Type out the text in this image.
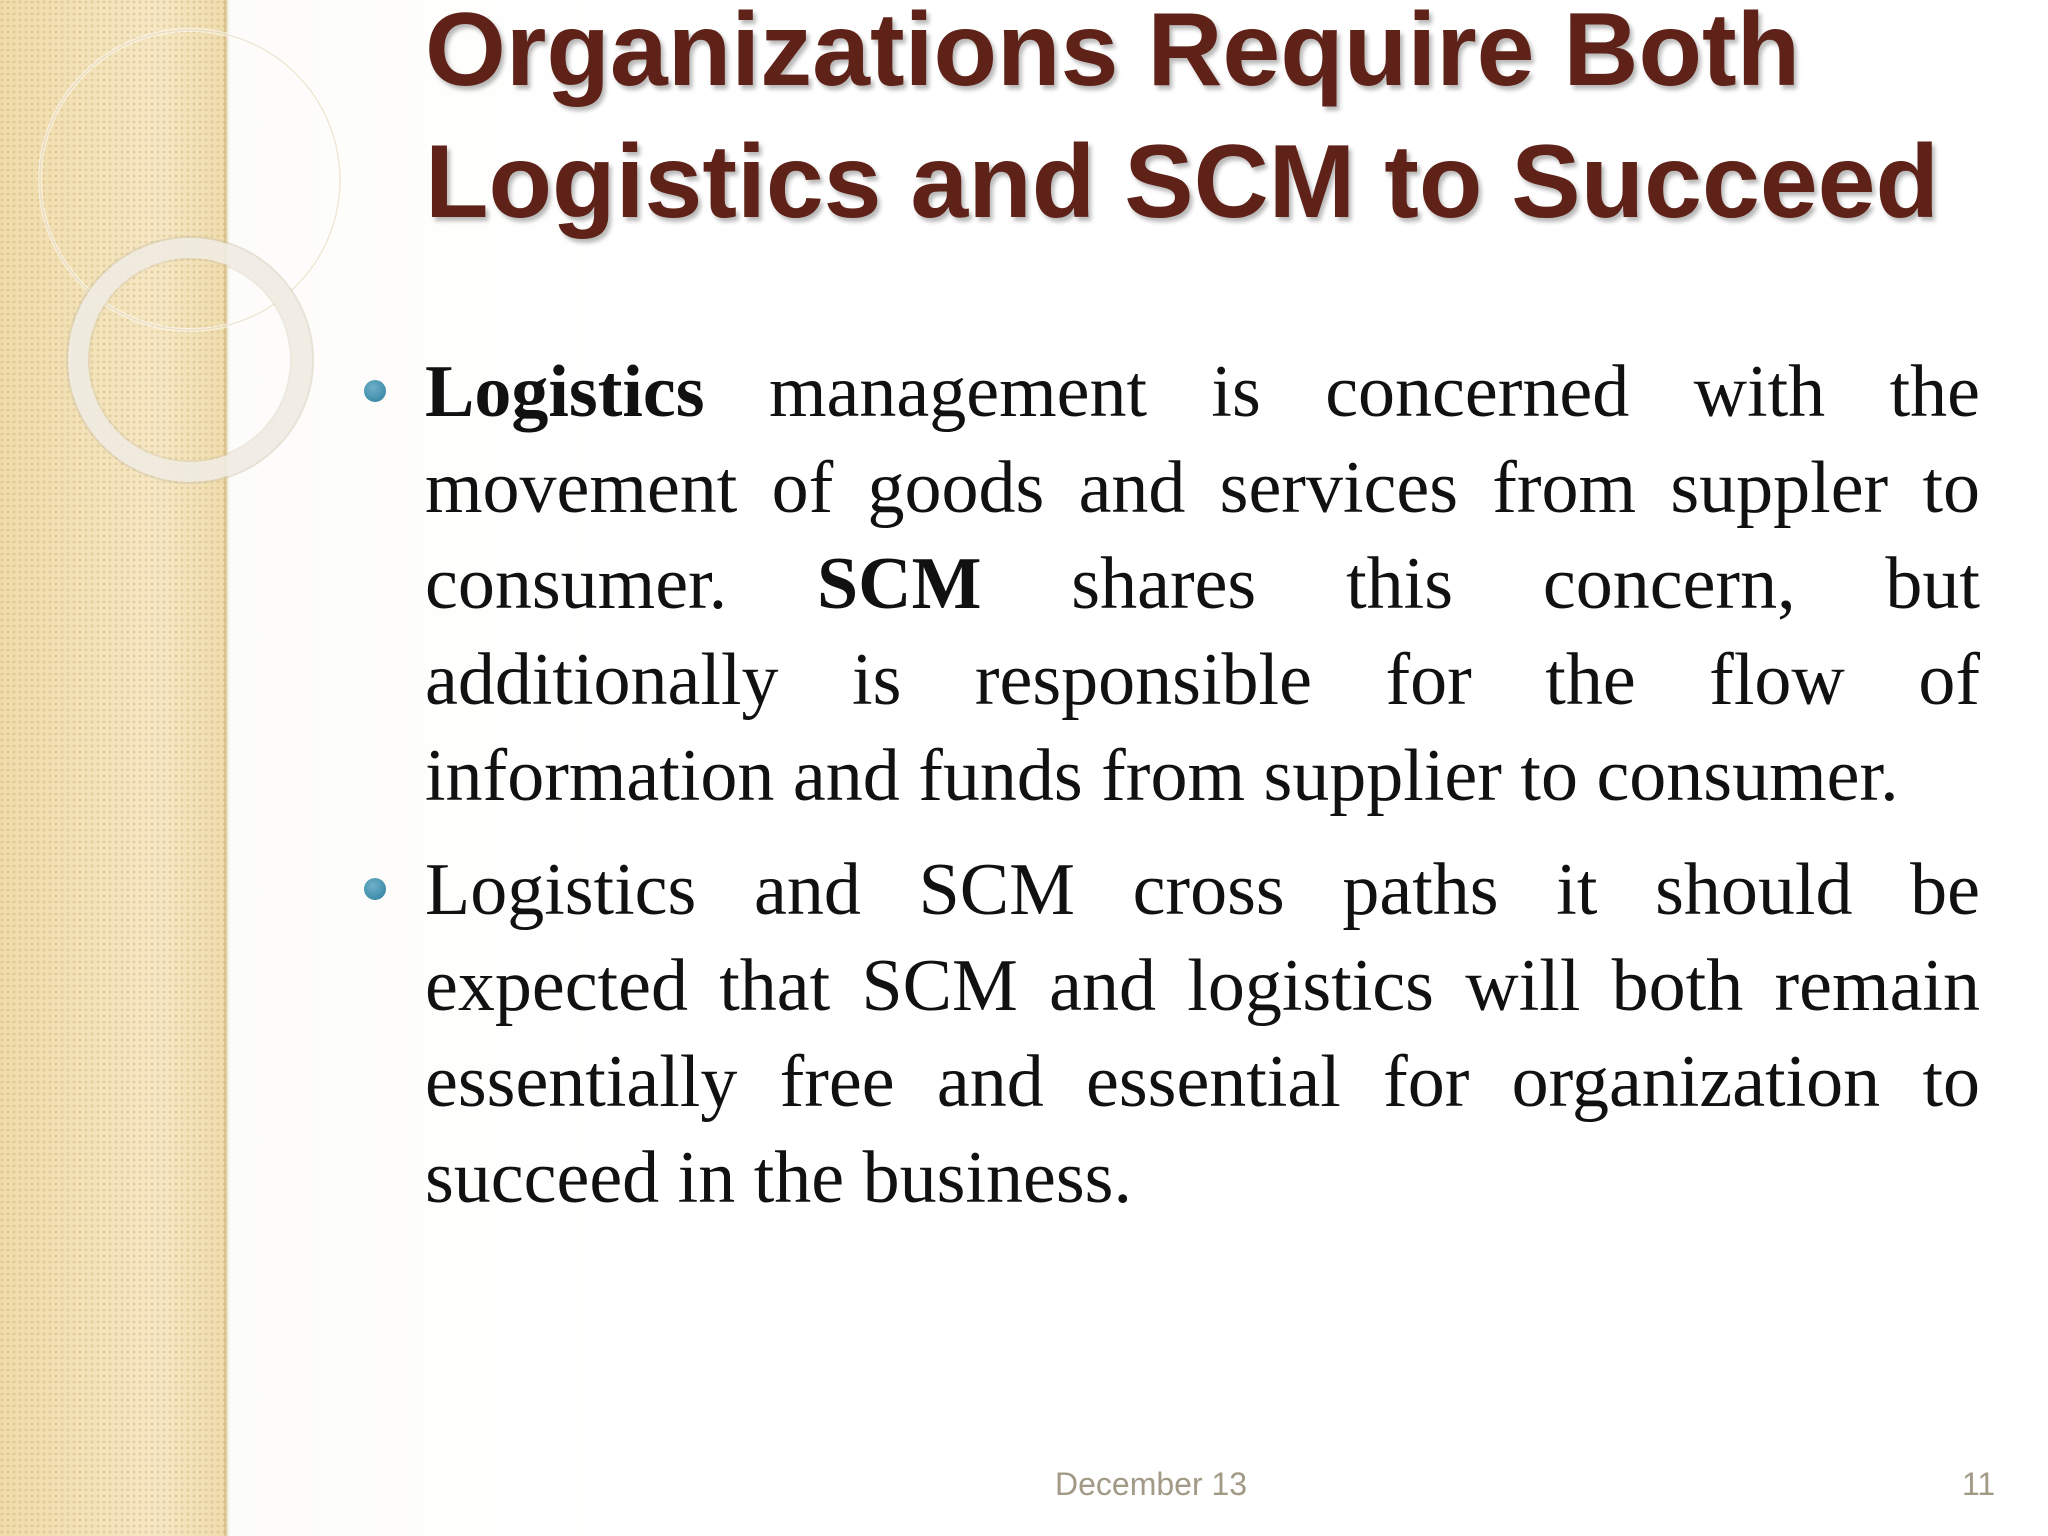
Organizations Require Both Logistics and SCM to Succeed
Logistics management is concerned with the movement of goods and services from suppler to consumer. SCM shares this concern, but additionally is responsible for the flow of information and funds from supplier to consumer.
Logistics and SCM cross paths it should be expected that SCM and logistics will both remain essentially free and essential for organization to succeed in the business.
December 13	11
